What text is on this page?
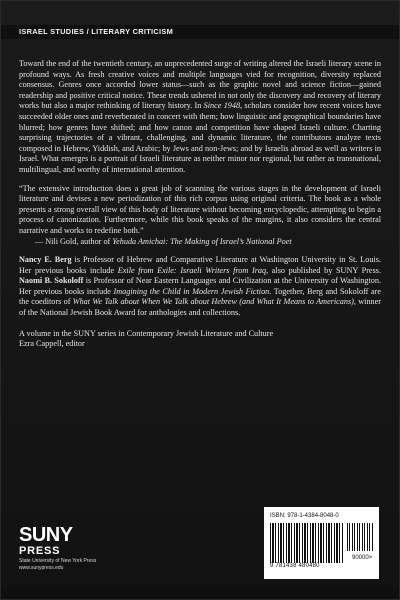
ISRAEL STUDIES / LITERARY CRITICISM

Toward the end of the twentieth century, an unprecedented surge of writing altered the Israeli literary scene in profound ways. As fresh creative voices and multiple languages vied for recognition, diversity replaced consensus. Genres once accorded lower status—such as the graphic novel and science fiction—gained readership and positive critical notice. These trends ushered in not only the discovery and recovery of literary works but also a major rethinking of literary history. In Since 1948, scholars consider how recent voices have succeeded older ones and reverberated in concert with them; how linguistic and geographical boundaries have blurred; how genres have shifted; and how canon and competition have shaped Israeli culture. Charting surprising trajectories of a vibrant, challenging, and dynamic literature, the contributors analyze texts composed in Hebrew, Yiddish, and Arabic; by Jews and non-Jews; and by Israelis abroad as well as writers in Israel. What emerges is a portrait of Israeli literature as neither minor nor regional, but rather as transnational, multilingual, and worthy of international attention.

“The extensive introduction does a great job of scanning the various stages in the development of Israeli literature and devises a new periodization of this rich corpus using original criteria. The book as a whole presents a strong overall view of this body of literature without becoming encyclopedic, attempting to begin a process of canonization. Furthermore, while this book speaks of the margins, it also considers the central narrative and works to redefine both.”
— Nili Gold, author of Yehuda Amichai: The Making of Israel’s National Poet

Nancy E. Berg is Professor of Hebrew and Comparative Literature at Washington University in St. Louis. Her previous books include Exile from Exile: Israeli Writers from Iraq, also published by SUNY Press. Naomi B. Sokoloff is Professor of Near Eastern Languages and Civilization at the University of Washington. Her previous books include Imagining the Child in Modern Jewish Fiction. Together, Berg and Sokoloff are the coeditors of What We Talk about When We Talk about Hebrew (and What It Means to Americans), winner of the National Jewish Book Award for anthologies and collections.

A volume in the SUNY series in Contemporary Jewish Literature and Culture
Ezra Cappell, editor
SUNY
PRESS
State University of New York Press
www.sunypress.edu
ISBN: 978-1-4384-8048-0
90000>
9 781438 480480
